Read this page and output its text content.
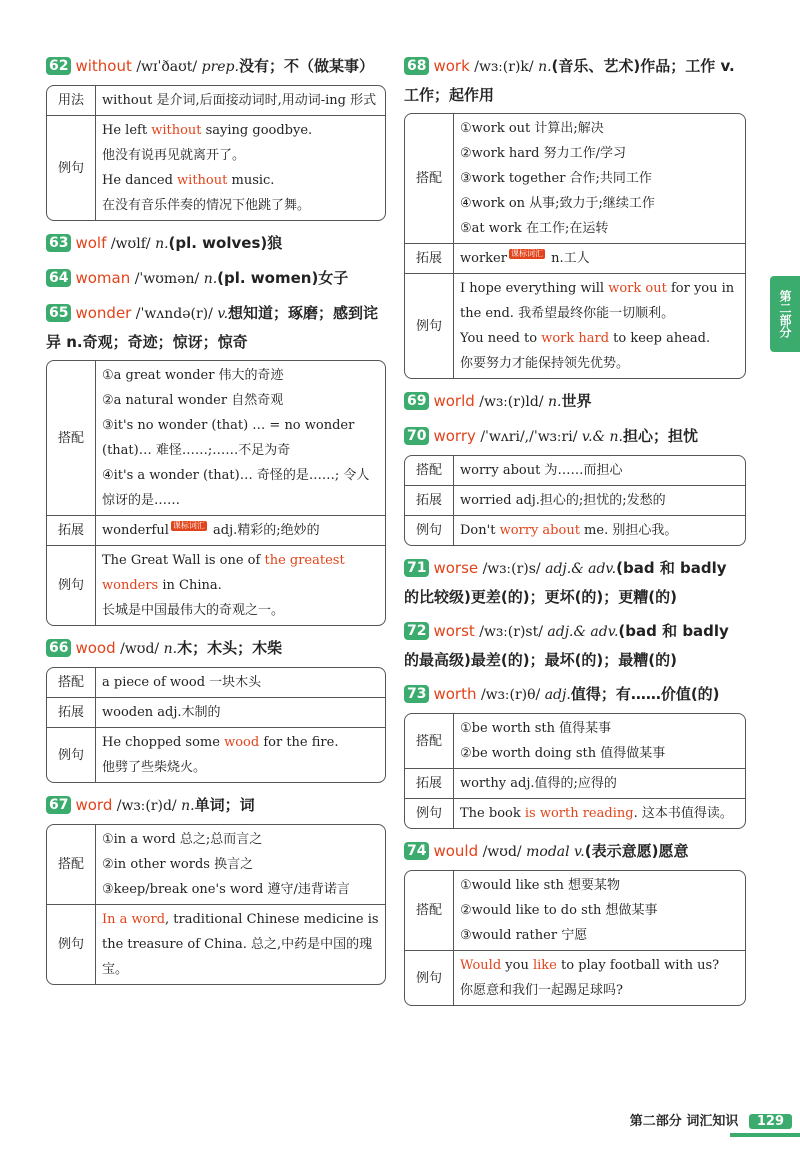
62 without /wɪˈðaʊt/ prep.没有；不（做某事）
用法	without 是介词,后面接动词时,用动词-ing 形式

例句	He left without saying goodbye.
他没有说再见就离开了。
He danced without music.
在没有音乐伴奏的情况下他跳了舞。
63 wolf /wʊlf/ n.(pl. wolves)狼
64 woman /ˈwʊmən/ n.(pl. women)女子
65 wonder /ˈwʌndə(r)/ v.想知道；琢磨；感到诧异 n.奇观；奇迹；惊讶；惊奇
搭配	①a great wonder 伟大的奇迹
②a natural wonder 自然奇观
③it's no wonder (that) … = no wonder (that)… 难怪……;……不足为奇
④it's a wonder (that)… 奇怪的是……; 令人惊讶的是……

拓展	wonderful 课标词汇 adj.精彩的;绝妙的

例句	The Great Wall is one of the greatest wonders in China.
长城是中国最伟大的奇观之一。
66 wood /wʊd/ n.木；木头；木柴
搭配	a piece of wood 一块木头

拓展	wooden adj.木制的

例句	He chopped some wood for the fire.
他劈了些柴烧火。
67 word /wɜː(r)d/ n.单词；词
搭配	①in a word 总之;总而言之
②in other words 换言之
③keep/break one's word 遵守/违背诺言

例句	In a word, traditional Chinese medicine is the treasure of China. 总之,中药是中国的瑰宝。
68 work /wɜː(r)k/ n.(音乐、艺术)作品；工作 v.工作；起作用
搭配	①work out 计算出;解决
②work hard 努力工作/学习
③work together 合作;共同工作
④work on 从事;致力于;继续工作
⑤at work 在工作;在运转

拓展	worker 课标词汇 n.工人

例句	I hope everything will work out for you in the end. 我希望最终你能一切顺利。
You need to work hard to keep ahead.
你要努力才能保持领先优势。
69 world /wɜː(r)ld/ n.世界
70 worry /ˈwʌri/,/ˈwɜːri/ v.& n.担心；担忧
搭配	worry about 为……而担心

拓展	worried adj.担心的;担忧的;发愁的

例句	Don't worry about me. 别担心我。
71 worse /wɜː(r)s/ adj.& adv.(bad 和 badly 的比较级)更差(的)；更坏(的)；更糟(的)
72 worst /wɜː(r)st/ adj.& adv.(bad 和 badly 的最高级)最差(的)；最坏(的)；最糟(的)
73 worth /wɜː(r)θ/ adj.值得；有……价值(的)
搭配	①be worth sth 值得某事
②be worth doing sth 值得做某事

拓展	worthy adj.值得的;应得的

例句	The book is worth reading. 这本书值得读。
74 would /wʊd/ modal v.(表示意愿)愿意
搭配	①would like sth 想要某物
②would like to do sth 想做某事
③would rather 宁愿

例句	Would you like to play football with us?
你愿意和我们一起踢足球吗?
第二部分
第二部分 词汇知识 129
